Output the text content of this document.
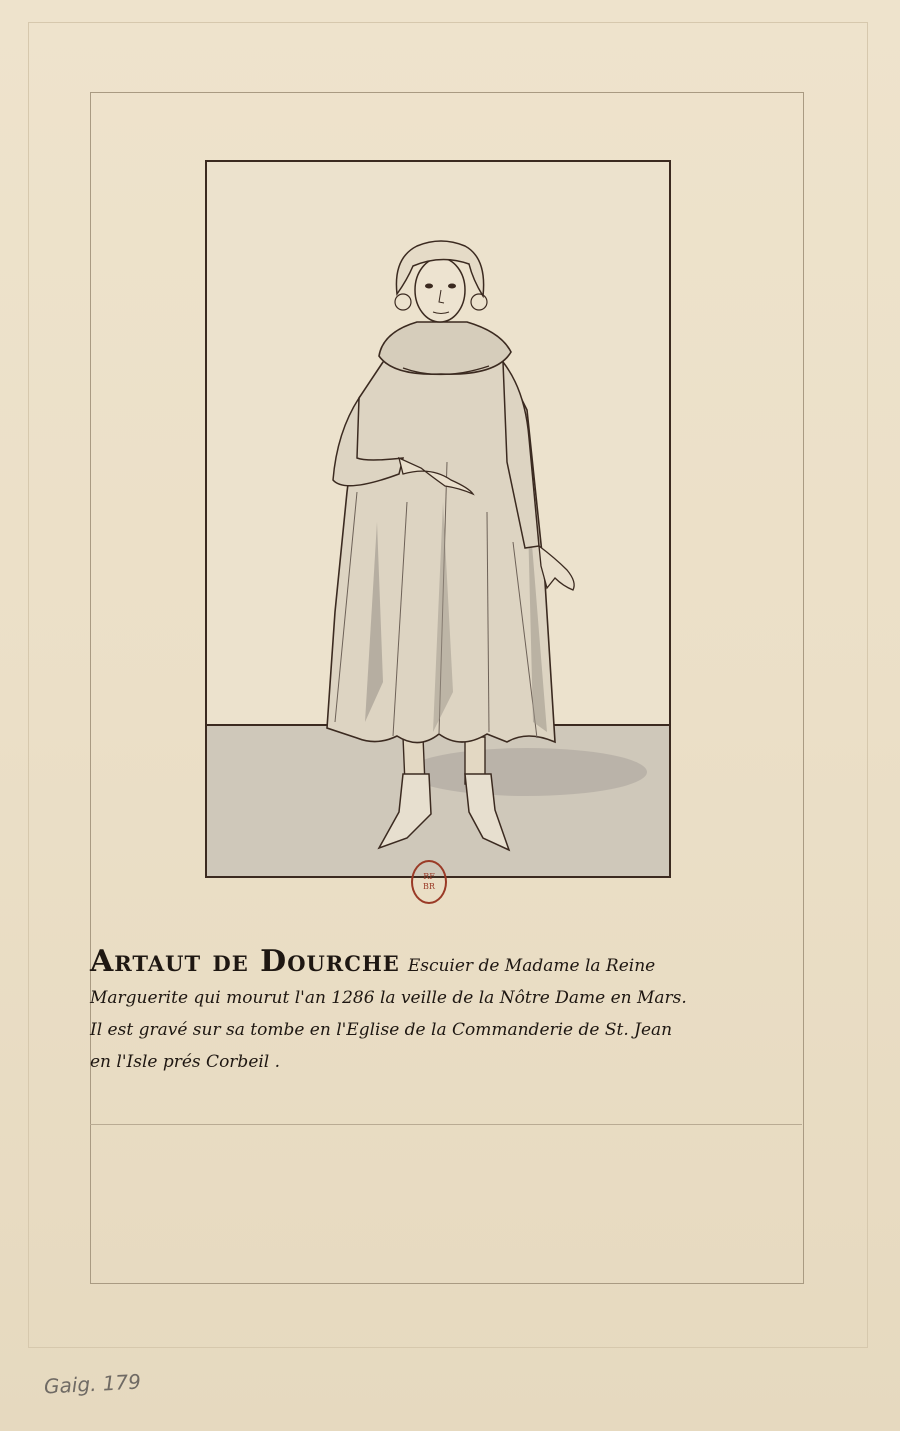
RF
BR
Artaut de Dourche Escuier de Madame la Reine
Marguerite qui mourut l'an 1286 la veille de la Nôtre Dame en Mars.
Il est gravé sur sa tombe en l'Eglise de la Commanderie de St. Jean
en l'Isle prés Corbeil .
Gaig. 179
